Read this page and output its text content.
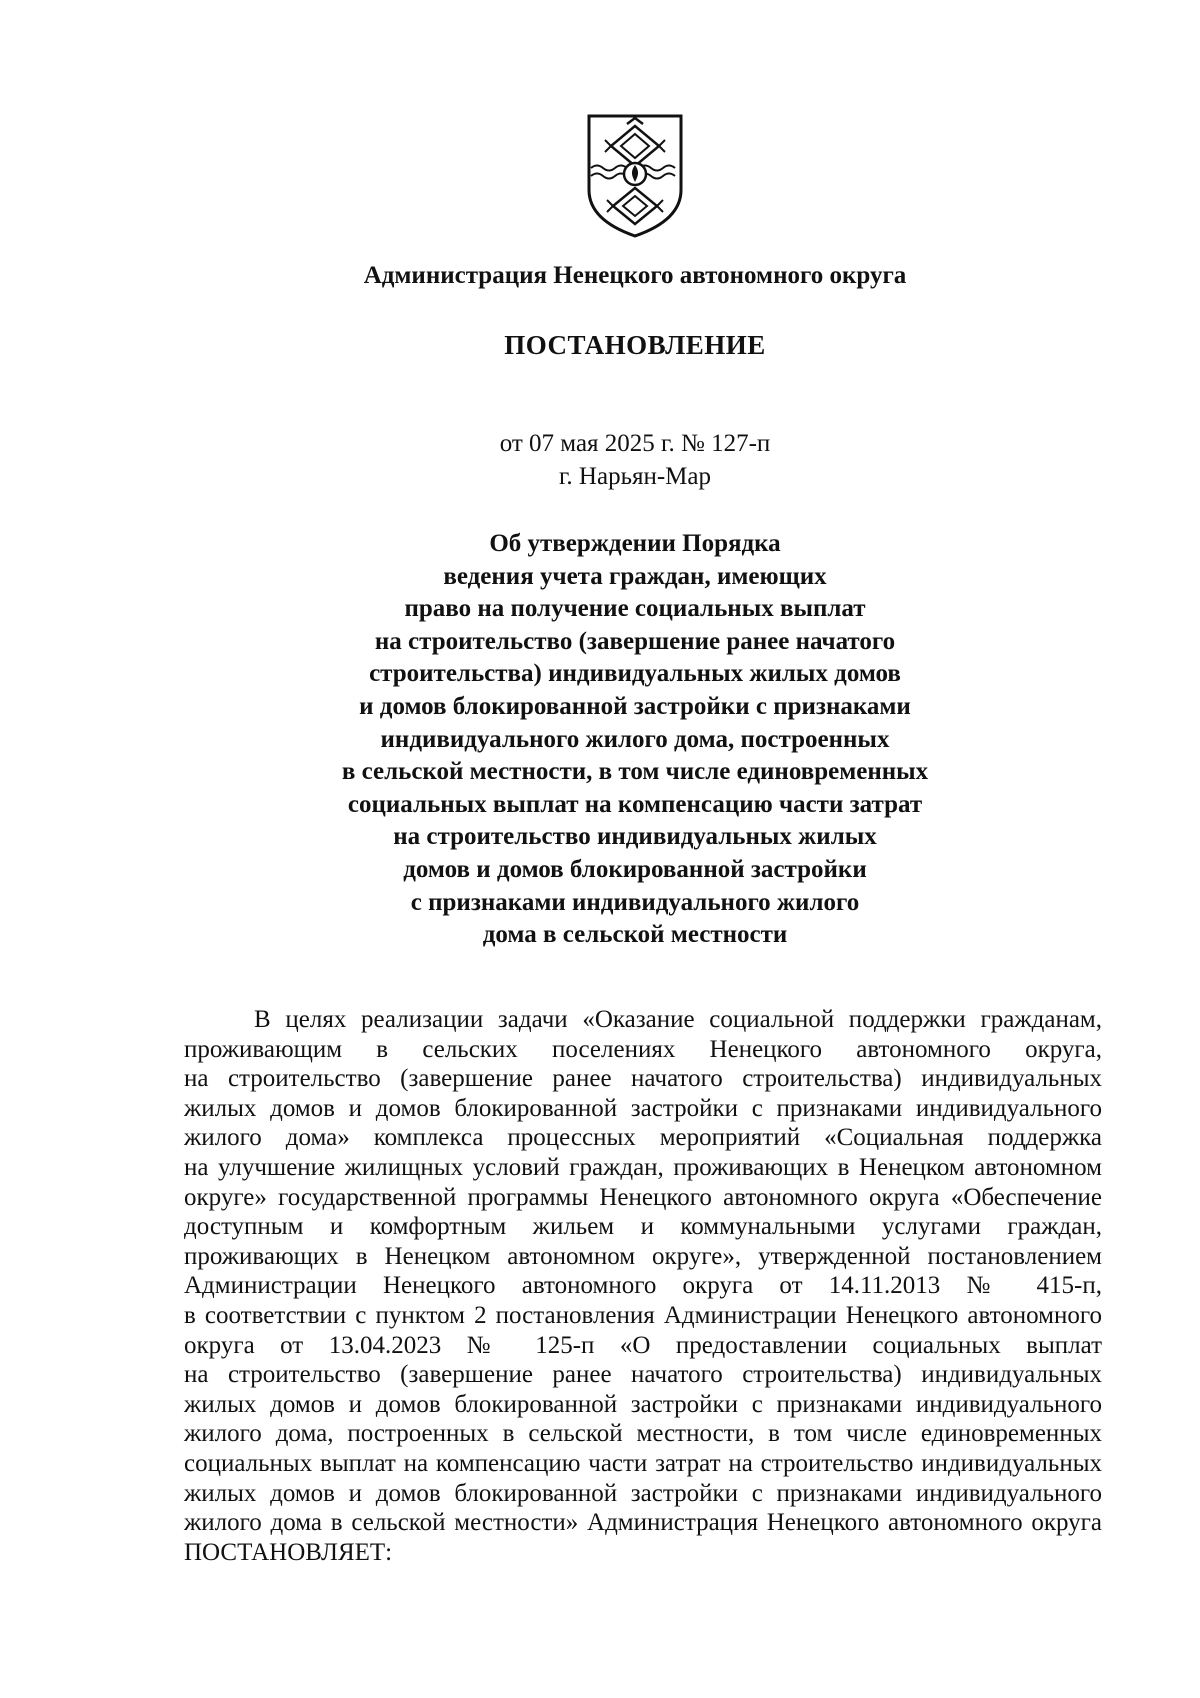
Администрация Ненецкого автономного округа
ПОСТАНОВЛЕНИЕ
от 07 мая 2025 г. № 127-п
г. Нарьян-Мар
Об утверждении Порядка
ведения учета граждан, имеющих
право на получение социальных выплат
на строительство (завершение ранее начатого
строительства) индивидуальных жилых домов
и домов блокированной застройки с признаками
индивидуального жилого дома, построенных
в сельской местности, в том числе единовременных
социальных выплат на компенсацию части затрат
на строительство индивидуальных жилых
домов и домов блокированной застройки
с признаками индивидуального жилого
дома в сельской местности
В целях реализации задачи «Оказание социальной поддержки гражданам,
проживающим в сельских поселениях Ненецкого автономного округа,
на строительство (завершение ранее начатого строительства) индивидуальных
жилых домов и домов блокированной застройки с признаками индивидуального
жилого дома» комплекса процессных мероприятий «Социальная поддержка
на улучшение жилищных условий граждан, проживающих в Ненецком автономном
округе» государственной программы Ненецкого автономного округа «Обеспечение
доступным и комфортным жильем и коммунальными услугами граждан,
проживающих в Ненецком автономном округе», утвержденной постановлением
Администрации Ненецкого автономного округа от 14.11.2013 № 415-п,
в соответствии с пунктом 2 постановления Администрации Ненецкого автономного
округа от 13.04.2023 № 125-п «О предоставлении социальных выплат
на строительство (завершение ранее начатого строительства) индивидуальных
жилых домов и домов блокированной застройки с признаками индивидуального
жилого дома, построенных в сельской местности, в том числе единовременных
социальных выплат на компенсацию части затрат на строительство индивидуальных
жилых домов и домов блокированной застройки с признаками индивидуального
жилого дома в сельской местности» Администрация Ненецкого автономного округа
ПОСТАНОВЛЯЕТ:
